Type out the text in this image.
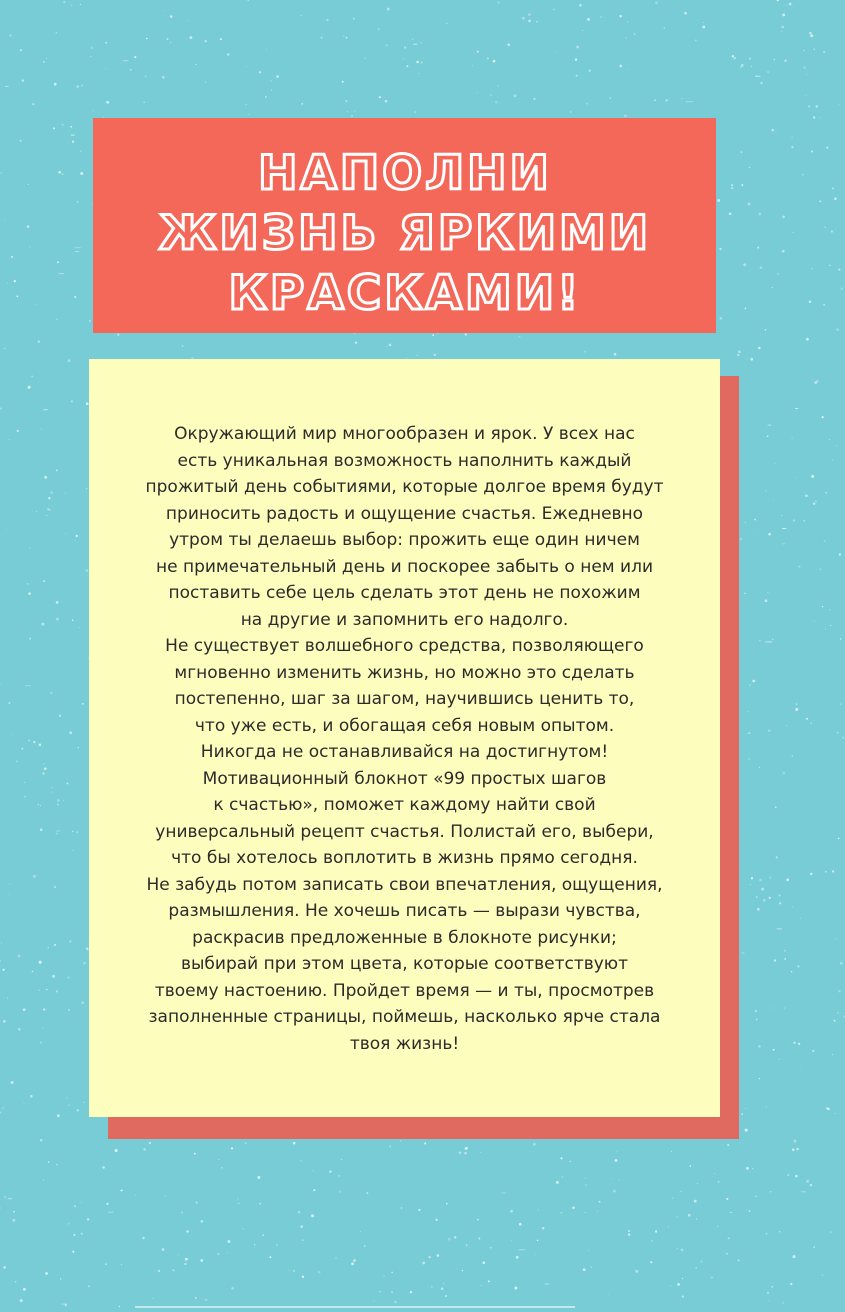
НАПОЛНИ
ЖИЗНЬ ЯРКИМИ
КРАСКАМИ!

Окружающий мир многообразен и ярок. У всех нас

есть уникальная возможность наполнить каждый

прожитый день событиями, которые долгое время будут

приносить радость и ощущение счастья. Ежедневно

утром ты делаешь выбор: прожить еще один ничем

не примечательный день и поскорее забыть о нем или

поставить себе цель сделать этот день не похожим

на другие и запомнить его надолго.

Не существует волшебного средства, позволяющего

мгновенно изменить жизнь, но можно это сделать

постепенно, шаг за шагом, научившись ценить то,

что уже есть, и обогащая себя новым опытом.

Никогда не останавливайся на достигнутом!

Мотивационный блокнот «99 простых шагов

к счастью», поможет каждому найти свой

универсальный рецепт счастья. Полистай его, выбери,

что бы хотелось воплотить в жизнь прямо сегодня.

Не забудь потом записать свои впечатления, ощущения,

размышления. Не хочешь писать — вырази чувства,

раскрасив предложенные в блокноте рисунки;

выбирай при этом цвета, которые соответствуют

твоему настоению. Пройдет время — и ты, просмотрев

заполненные страницы, поймешь, насколько ярче стала

твоя жизнь!
